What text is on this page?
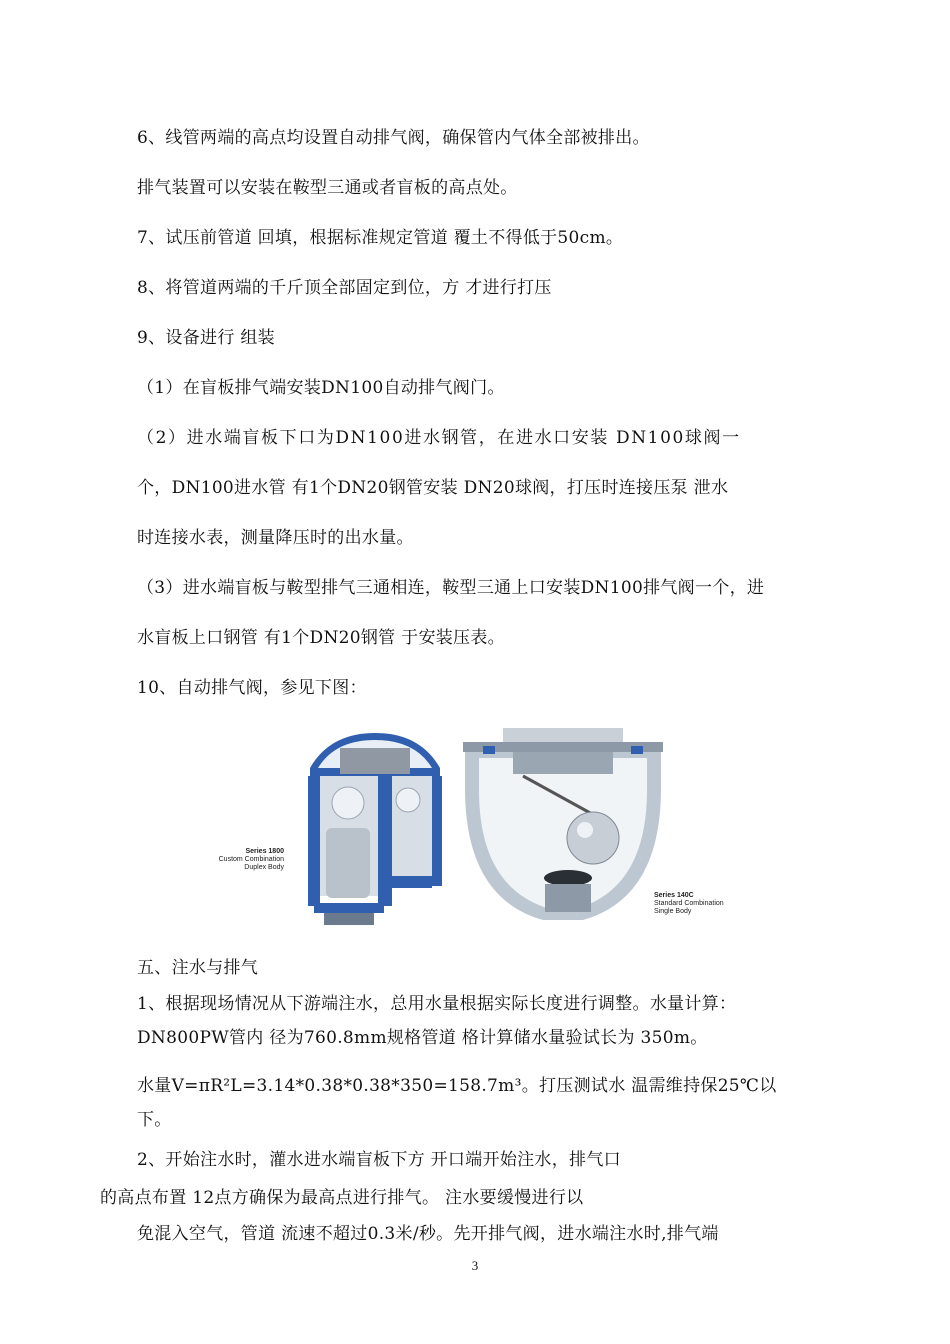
6、线管两端的高点均设置自动排气阀，确保管内气体全部被排出。
排气装置可以安装在鞍型三通或者盲板的高点处。
7、试压前管道 回填，根据标准规定管道 覆土不得低于50cm。
8、将管道两端的千斤顶全部固定到位，方 才进行打压
9、设备进行 组装
（1）在盲板排气端安装DN100自动排气阀门。
（2）进水端盲板下口为DN100进水钢管，在进水口安装 DN100球阀一
个，DN100进水管 有1个DN20钢管安装 DN20球阀，打压时连接压泵 泄水
时连接水表，测量降压时的出水量。
（3）进水端盲板与鞍型排气三通相连，鞍型三通上口安装DN100排气阀一个，进
水盲板上口钢管 有1个DN20钢管 于安装压表。
10、自动排气阀，参见下图：
Series 1800
Custom Combination
Duplex Body
Series 140C
Standard Combination
Single Body
五、注水与排气
1、根据现场情况从下游端注水，总用水量根据实际长度进行调整。水量计算：
DN800PW管内 径为760.8mm规格管道 格计算储水量验试长为 350m。
水量V=πR²L=3.14*0.38*0.38*350=158.7m³。打压测试水 温需维持保25℃以
下。
2、开始注水时，灌水进水端盲板下方 开口端开始注水，排气口
的高点布置 12点方确保为最高点进行排气。 注水要缓慢进行以
免混入空气，管道 流速不超过0.3米/秒。先开排气阀，进水端注水时,排气端
3
